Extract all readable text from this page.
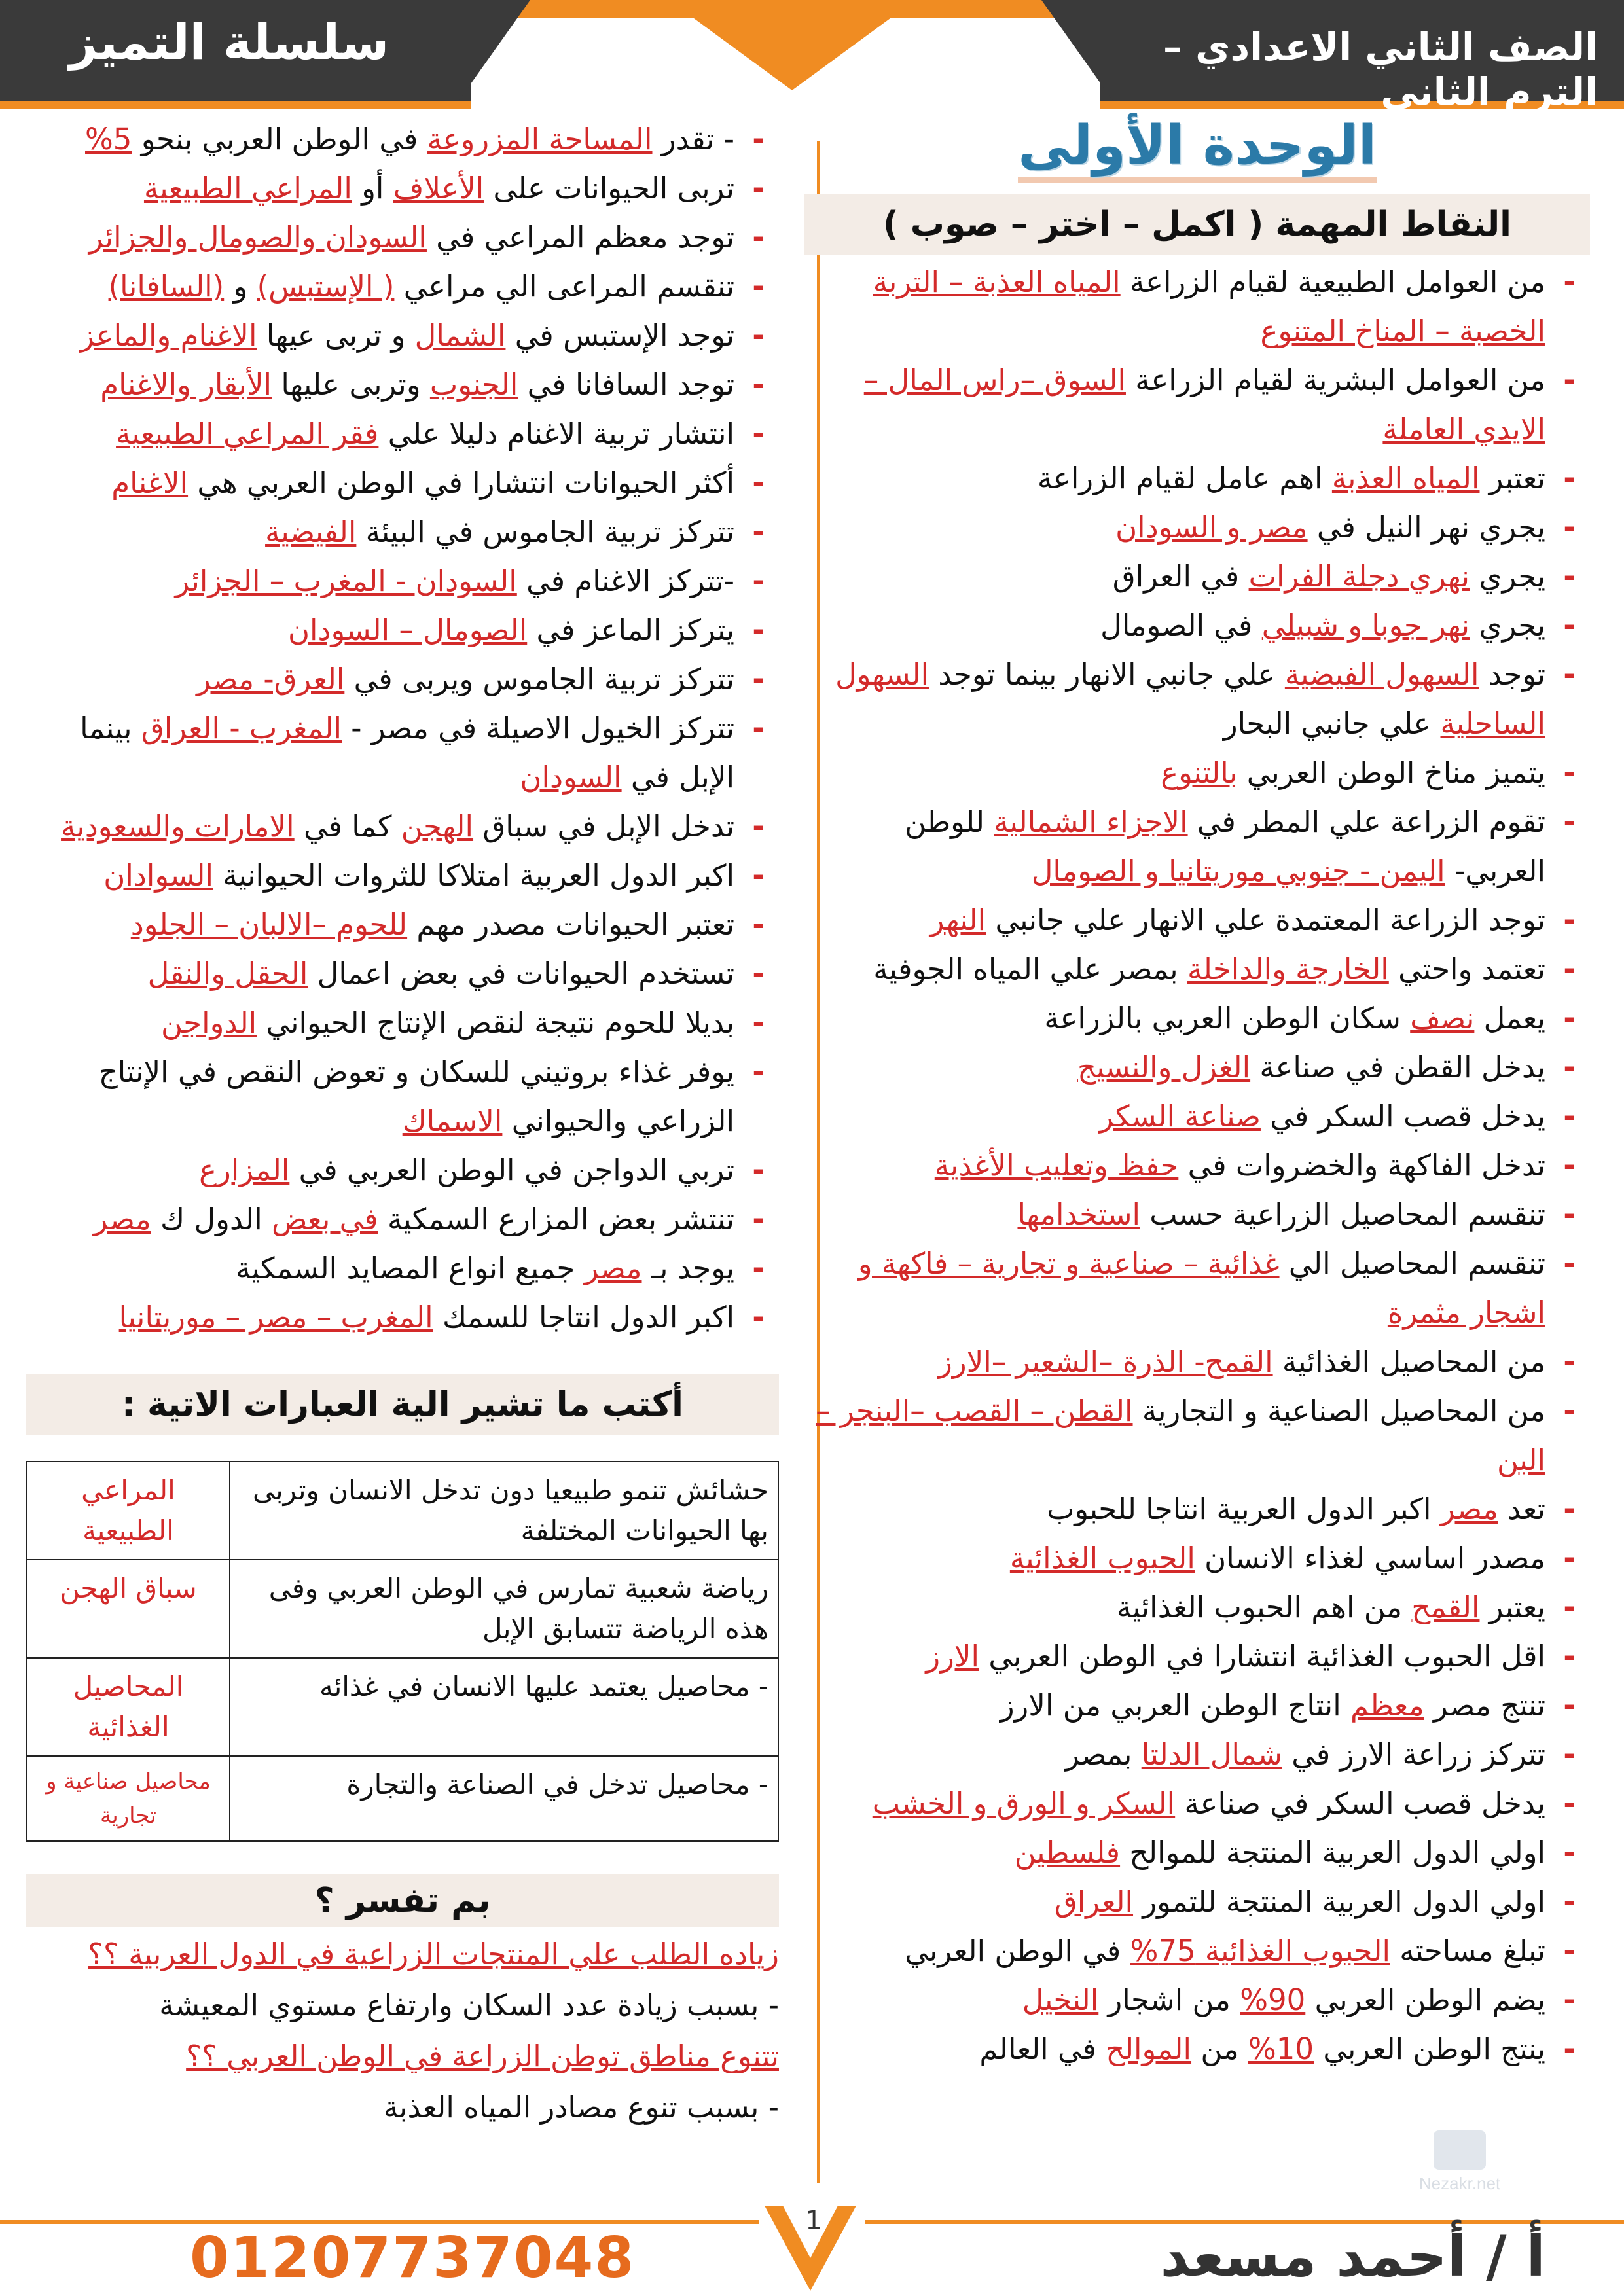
سلسلة التميز	الصف الثاني الاعدادي – الترم الثاني
الوحدة الأولى
النقاط المهمة ( اكمل – اختر – صوب )
- من العوامل الطبيعية لقيام الزراعة المياه العذبة – التربة الخصبة – المناخ المتنوع
- من العوامل البشرية لقيام الزراعة السوق –راس المال – الايدي العاملة
- تعتبر المياه العذبة اهم عامل لقيام الزراعة
- يجري نهر النيل في مصر و السودان
- يجري نهري دجلة الفرات في العراق
- يجري نهر جوبا و شبيلي في الصومال
- توجد السهول الفيضية علي جانبي الانهار بينما توجد السهول الساحلية علي جانبي البحار
- يتميز مناخ الوطن العربي بالتنوع
- تقوم الزراعة علي المطر في الاجزاء الشمالية للوطن العربي- اليمن - جنوبي موريتانيا و الصومال
- توجد الزراعة المعتمدة علي الانهار علي جانبي النهر
- تعتمد واحتي الخارجة والداخلة بمصر علي المياه الجوفية
- يعمل نصف سكان الوطن العربي بالزراعة
- يدخل القطن في صناعة الغزل والنسيج
- يدخل قصب السكر في صناعة السكر
- تدخل الفاكهة والخضروات في حفظ وتعليب الأغذية
- تنقسم المحاصيل الزراعية حسب استخدامها
- تنقسم المحاصيل الي غذائية – صناعية و تجارية – فاكهة و اشجار مثمرة
- من المحاصيل الغذائية القمح- الذرة –الشعير –الارز
- من المحاصيل الصناعية و التجارية القطن – القصب –البنجر –البن
- تعد مصر اكبر الدول العربية انتاجا للحبوب
- مصدر اساسي لغذاء الانسان الحبوب الغذائية
- يعتبر القمح من اهم الحبوب الغذائية
- اقل الحبوب الغذائية انتشارا في الوطن العربي الارز
- تنتج مصر معظم انتاج الوطن العربي من الارز
- تتركز زراعة الارز في شمال الدلتا بمصر
- يدخل قصب السكر في صناعة السكر و الورق و الخشب
- اولي الدول العربية المنتجة للموالح فلسطين
- اولي الدول العربية المنتجة للتمور العراق
- تبلغ مساحته الحبوب الغذائية 75% في الوطن العربي
- يضم الوطن العربي 90% من اشجار النخيل
- ينتج الوطن العربي 10% من الموالح في العالم
- - تقدر المساحة المزروعة في الوطن العربي بنحو 5%
- تربى الحيوانات على الأعلاف أو المراعي الطبيعية
- توجد معظم المراعي في السودان والصومال والجزائر
- تنقسم المراعى الي مراعي ( الإستبس) و (السافانا)
- توجد الإستبس في الشمال و تربى عيها الاغنام والماعز
- توجد السافانا في الجنوب وتربى عليها الأبقار والاغنام
- انتشار تربية الاغنام دليلا علي فقر المراعي الطبيعية
- أكثر الحيوانات انتشارا في الوطن العربي هي الاغنام
- تتركز تربية الجاموس في البيئة الفيضية
- -تتركز الاغنام في السودان - المغرب – الجزائر
- يتركز الماعز في الصومال – السودان
- تتركز تربية الجاموس ويربى في العرق- مصر
- تتركز الخيول الاصيلة في مصر - المغرب - العراق بينما الإبل في السودان
- تدخل الإبل في سباق الهجن كما في الامارات والسعودية
- اكبر الدول العربية امتلاكا للثروات الحيوانية السوادان
- تعتبر الحيوانات مصدر مهم للحوم –الالبان – الجلود
- تستخدم الحيوانات في بعض اعمال الحقل والنقل
- بديلا للحوم نتيجة لنقص الإنتاج الحيواني الدواجن
- يوفر غذاء بروتيني للسكان و تعوض النقص في الإنتاج الزراعي والحيواني الاسماك
- تربي الدواجن في الوطن العربي في المزارع
- تنتشر بعض المزارع السمكية في بعض الدول ك مصر
- يوجد بـ مصر جميع انواع المصايد السمكية
- اكبر الدول انتاجا للسمك المغرب – مصر – موريتانيا
أكتب ما تشير الية العبارات الاتية :
حشائش تنمو طبيعيا دون تدخل الانسان وتربى بها الحيوانات المختلفة	المراعي الطبيعية
رياضة شعبية تمارس في الوطن العربي وفى هذه الرياضة تتسابق الإبل	سباق الهجن
- محاصيل يعتمد عليها الانسان في غذائه	المحاصيل الغذائية
- محاصيل تدخل في الصناعة والتجارة	محاصيل صناعية و تجارية
بم تفسر ؟
زياده الطلب علي المنتجات الزراعية في الدول العربية ؟؟
- بسبب زيادة عدد السكان وارتفاع مستوي المعيشة
تتنوع مناطق توطن الزراعة في الوطن العربي ؟؟
- بسبب تنوع مصادر المياه العذبة
01207737048	أ / أحمد مسعد
1
Nezakr.net
